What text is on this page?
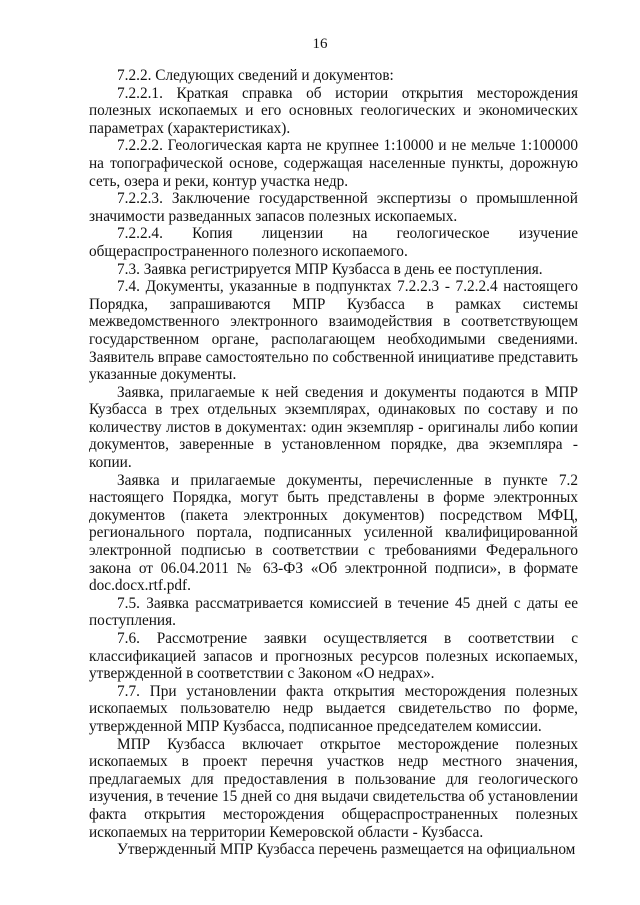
16

7.2.2. Следующих сведений и документов:

7.2.2.1. Краткая справка об истории открытия месторождения полезных ископаемых и его основных геологических и экономических параметрах (характеристиках).

7.2.2.2. Геологическая карта не крупнее 1:10000 и не мельче 1:100000 на топографической основе, содержащая населенные пункты, дорожную сеть, озера и реки, контур участка недр.

7.2.2.3. Заключение государственной экспертизы о промышленной значимости разведанных запасов полезных ископаемых.

7.2.2.4. Копия лицензии на геологическое изучение общераспространенного полезного ископаемого.

7.3. Заявка регистрируется МПР Кузбасса в день ее поступления.

7.4. Документы, указанные в подпунктах 7.2.2.3 - 7.2.2.4 настоящего Порядка, запрашиваются МПР Кузбасса в рамках системы межведомственного электронного взаимодействия в соответствующем государственном органе, располагающем необходимыми сведениями. Заявитель вправе самостоятельно по собственной инициативе представить указанные документы.

Заявка, прилагаемые к ней сведения и документы подаются в МПР Кузбасса в трех отдельных экземплярах, одинаковых по составу и по количеству листов в документах: один экземпляр - оригиналы либо копии документов, заверенные в установленном порядке, два экземпляра - копии.

Заявка и прилагаемые документы, перечисленные в пункте 7.2 настоящего Порядка, могут быть представлены в форме электронных документов (пакета электронных документов) посредством МФЦ, регионального портала, подписанных усиленной квалифицированной электронной подписью в соответствии с требованиями Федерального закона от 06.04.2011 № 63-ФЗ «Об электронной подписи», в формате doc.docx.rtf.pdf.

7.5. Заявка рассматривается комиссией в течение 45 дней с даты ее поступления.

7.6. Рассмотрение заявки осуществляется в соответствии с классификацией запасов и прогнозных ресурсов полезных ископаемых, утвержденной в соответствии с Законом «О недрах».

7.7. При установлении факта открытия месторождения полезных ископаемых пользователю недр выдается свидетельство по форме, утвержденной МПР Кузбасса, подписанное председателем комиссии.

МПР Кузбасса включает открытое месторождение полезных ископаемых в проект перечня участков недр местного значения, предлагаемых для предоставления в пользование для геологического изучения, в течение 15 дней со дня выдачи свидетельства об установлении факта открытия месторождения общераспространенных полезных ископаемых на территории Кемеровской области - Кузбасса.

Утвержденный МПР Кузбасса перечень размещается на официальном
